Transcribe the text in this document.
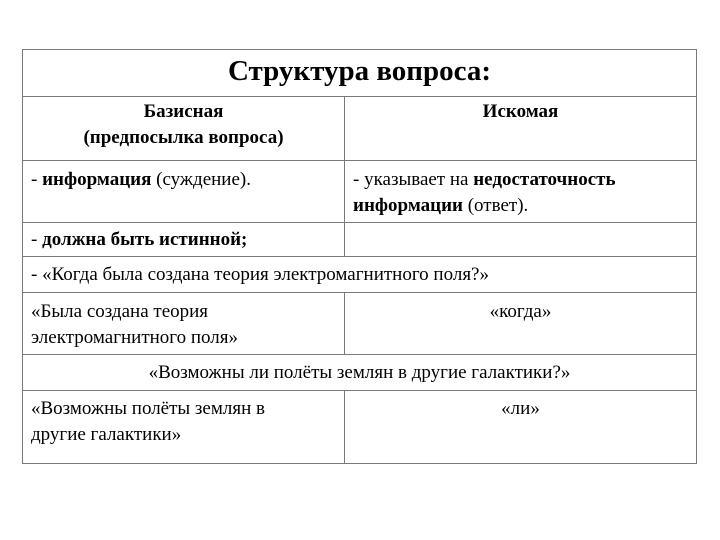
Структура вопроса:	

Базисная
(предпосылка вопроса)	Искомая
- информация (суждение).	- указывает на недостаточность
информации (ответ).
- должна быть истинной;	
- «Когда была создана теория электромагнитного поля?»	

«Была создана теория
электромагнитного поля»	«когда»
«Возможны ли полёты землян в другие галактики?»	

«Возможны полёты землян в
другие галактики»	«ли»
